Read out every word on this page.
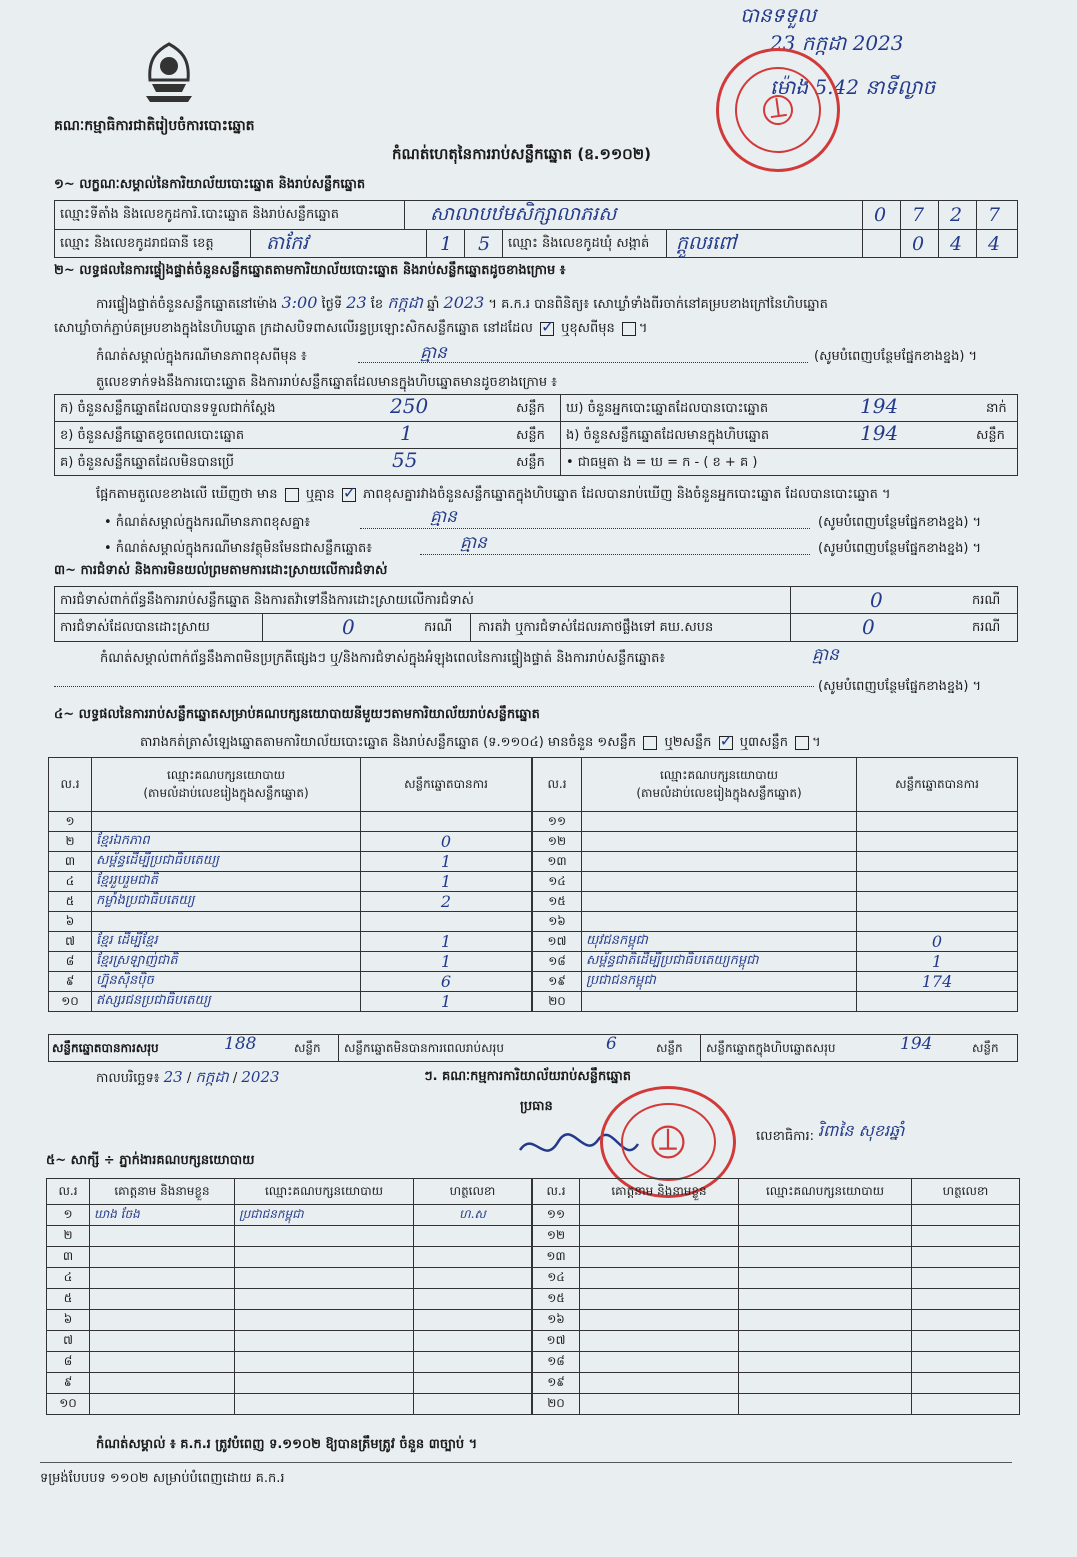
គណៈកម្មាធិការជាតិរៀបចំការបោះឆ្នោត
កំណត់ហេតុនៃការរាប់សន្លឹកឆ្នោត (ឧ.១១០២)
បានទទួល
23 កក្កដា 2023
ម៉ោង 5.42 នាទីល្ងាច
១~ លក្ខណៈសម្គាល់នៃការិយាល័យបោះឆ្នោត និងរាប់សន្លឹកឆ្នោត
ឈ្មោះទីតាំង និងលេខកូដការិ.បោះឆ្នោត និងរាប់សន្លឹកឆ្នោត	សាលាបឋមសិក្សាលាភរស	0 7 2 7
ឈ្មោះ និងលេខកូដរាជធានី ខេត្ត	តាកែវ	1 5 ឈ្មោះ និងលេខកូដឃុំ សង្កាត់ ក្តួលរពៅ	0 4 4
២~ លទ្ធផលនៃការផ្ទៀងផ្ទាត់ចំនួនសន្លឹកឆ្នោតតាមការិយាល័យបោះឆ្នោត និងរាប់សន្លឹកឆ្នោតដូចខាងក្រោម ៖
ការផ្ទៀងផ្ទាត់ចំនួនសន្លឹកឆ្នោតនៅម៉ោង 3:00 ថ្ងៃទី 23 ខែ កក្កដា ឆ្នាំ 2023 ។ គ.ក.រ បានពិនិត្យ៖ សោឃ្លាំទាំងពីរចាក់នៅគម្របខាងក្រៅនៃហិបឆ្នោត
សោឃ្លាំចាក់ភ្ជាប់គម្របខាងក្នុងនៃហិបឆ្នោត ក្រដាសបិទពាសលើរន្ធប្រឡោះសិកសន្លឹកឆ្នោត នៅដដែល ✓ ឬខុសពីមុន ។
កំណត់សម្គាល់ក្នុងករណីមានភាពខុសពីមុន ៖	គ្មាន	(សូមបំពេញបន្ថែមផ្នែកខាងខ្នង) ។
តួលេខទាក់ទងនឹងការបោះឆ្នោត និងការរាប់សន្លឹកឆ្នោតដែលមានក្នុងហិបឆ្នោតមានដូចខាងក្រោម ៖
ក) ចំនួនសន្លឹកឆ្នោតដែលបានទទួលជាក់ស្តែង	250	សន្លឹក
ខ) ចំនួនសន្លឹកឆ្នោតខូចពេលបោះឆ្នោត	1	សន្លឹក
គ) ចំនួនសន្លឹកឆ្នោតដែលមិនបានប្រើ	55	សន្លឹក
ឃ) ចំនួនអ្នកបោះឆ្នោតដែលបានបោះឆ្នោត	194	នាក់
ង) ចំនួនសន្លឹកឆ្នោតដែលមានក្នុងហិបឆ្នោត	194	សន្លឹក
• ជាធម្មតា ង = ឃ = ក - ( ខ + គ )
ផ្អែកតាមតួលេខខាងលើ ឃើញថា មាន ឬគ្មាន ✓ ភាពខុសគ្នារវាងចំនួនសន្លឹកឆ្នោតក្នុងហិបឆ្នោត ដែលបានរាប់ឃើញ និងចំនួនអ្នកបោះឆ្នោត ដែលបានបោះឆ្នោត ។
• កំណត់សម្គាល់ក្នុងករណីមានភាពខុសគ្នា៖	គ្មាន	(សូមបំពេញបន្ថែមផ្នែកខាងខ្នង) ។
• កំណត់សម្គាល់ក្នុងករណីមានវត្ថុមិនមែនជាសន្លឹកឆ្នោត៖	គ្មាន	(សូមបំពេញបន្ថែមផ្នែកខាងខ្នង) ។
៣~ ការជំទាស់ និងការមិនយល់ព្រមតាមការដោះស្រាយលើការជំទាស់
ការជំទាស់ពាក់ព័ន្ធនឹងការរាប់សន្លឹកឆ្នោត និងការតវ៉ាទៅនឹងការដោះស្រាយលើការជំទាស់	0	ករណី
ការជំទាស់ដែលបានដោះស្រាយ	0	ករណី ការតវ៉ា ឬការជំទាស់ដែលរភាថផ្លឹងទៅ គឃ.សបន	0	ករណី
កំណត់សម្គាល់ពាក់ព័ន្ធនឹងភាពមិនប្រក្រតីផ្សេងៗ ឬ/និងការជំទាស់ក្នុងអំឡុងពេលនៃការផ្ទៀងផ្ទាត់ និងការរាប់សន្លឹកឆ្នោត៖	គ្មាន
(សូមបំពេញបន្ថែមផ្នែកខាងខ្នង) ។
៤~ លទ្ធផលនៃការរាប់សន្លឹកឆ្នោតសម្រាប់គណបក្សនយោបាយនីមួយៗតាមការិយាល័យរាប់សន្លឹកឆ្នោត
តារាងកត់ត្រាសំឡេងឆ្នោតតាមការិយាល័យបោះឆ្នោត និងរាប់សន្លឹកឆ្នោត (ទ.១១០៤) មានចំនួន ១សន្លឹក ឬ២សន្លឹក ✓ ឬ៣សន្លឹក ។
ល.រ	ឈ្មោះគណបក្សនយោបាយ
(តាមលំដាប់លេខរៀងក្នុងសន្លឹកឆ្នោត)	សន្លឹកឆ្នោតបានការ
១		
២	ខ្មែរឯកភាព	0
៣	សម្ព័ន្ធដើម្បីប្រជាធិបតេយ្យ	1
៤	ខ្មែររួបរួមជាតិ	1
៥	កម្លាំងប្រជាធិបតេយ្យ	2
៦		
៧	ខ្មែរ ដើម្បីខ្មែរ	1
៨	ខ្មែរស្រឡាញ់ជាតិ	1
៩	ហ្វ៊ុនស៊ិនប៉ិច	6
១០	ឥស្សរជនប្រជាធិបតេយ្យ	1
ល.រ	ឈ្មោះគណបក្សនយោបាយ
(តាមលំដាប់លេខរៀងក្នុងសន្លឹកឆ្នោត)	សន្លឹកឆ្នោតបានការ
១១		
១២		
១៣		
១៤		
១៥		
១៦		
១៧	យុវជនកម្ពុជា	0
១៨	សម្ព័ន្ធជាតិដើម្បីប្រជាធិបតេយ្យកម្ពុជា	1
១៩	ប្រជាជនកម្ពុជា	174
២០		
សន្លឹកឆ្នោតបានការសរុប	188	សន្លឹក សន្លឹកឆ្នោតមិនបានការពេលរាប់សរុប	6	សន្លឹក សន្លឹកឆ្នោតក្នុងហិបឆ្នោតសរុប	194	សន្លឹក
កាលបរិច្ឆេទ៖ 23 / កក្កដា / 2023	ៗ. គណៈកម្មការការិយាល័យរាប់សន្លឹកឆ្នោត
ប្រធាន
លេខាធិការ: រិពានៃ សុខរឆ្នាំ
៥~ សាក្សី ÷ ភ្នាក់ងារគណបក្សនយោបាយ
ល.រ	គោត្តនាម និងនាមខ្លួន	ឈ្មោះគណបក្សនយោបាយ	ហត្ថលេខា
១	ឃាង ចែង	ប្រជាជនកម្ពុជា	ហ.ស
២			
៣			
៤			
៥			
៦			
៧			
៨			
៩			
១០			
ល.រ	គោត្តនាម និងនាមខ្លួន	ឈ្មោះគណបក្សនយោបាយ	ហត្ថលេខា
១១			
១២			
១៣			
១៤			
១៥			
១៦			
១៧			
១៨			
១៩			
២០			
កំណត់សម្គាល់ ៖ គ.ក.រ ត្រូវបំពេញ ទ.១១០២ ឱ្យបានត្រឹមត្រូវ ចំនួន ៣ច្បាប់ ។
ទម្រង់បែបបទ ១១០២ សម្រាប់បំពេញដោយ គ.ក.រ
